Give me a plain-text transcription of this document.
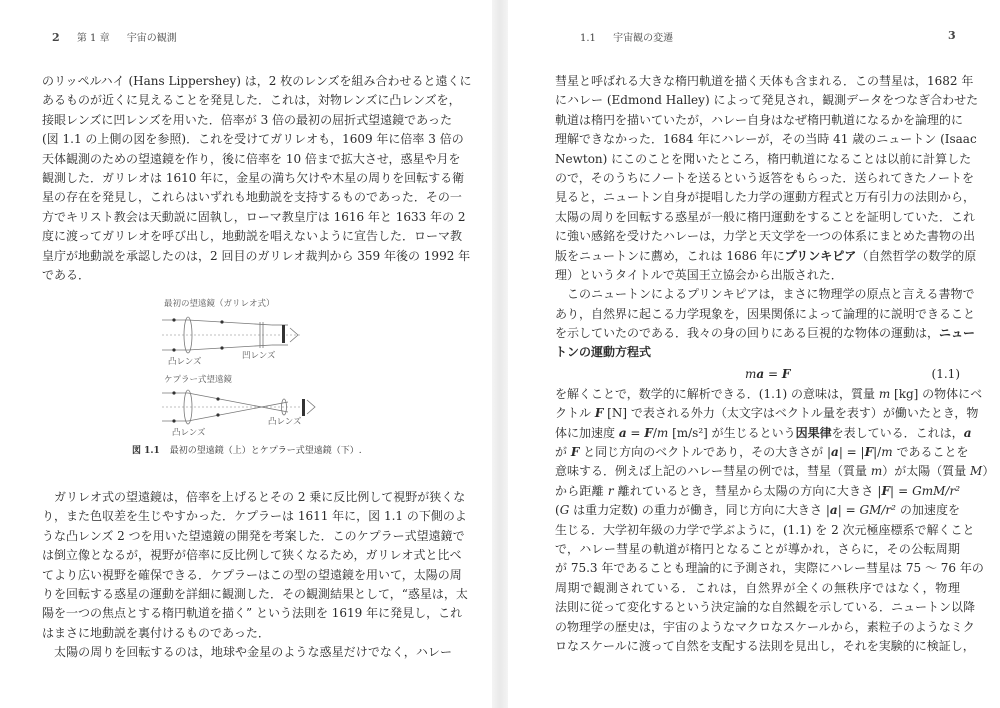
2 第 1 章 宇宙の観測
のリッペルハイ (Hans Lippershey) は，2 枚のレンズを組み合わせると遠くに
あるものが近くに見えることを発見した．これは，対物レンズに凸レンズを，
接眼レンズに凹レンズを用いた．倍率が 3 倍の最初の屈折式望遠鏡であった
(図 1.1 の上側の図を参照)．これを受けてガリレオも，1609 年に倍率 3 倍の
天体観測のための望遠鏡を作り，後に倍率を 10 倍まで拡大させ，惑星や月を
観測した．ガリレオは 1610 年に，金星の満ち欠けや木星の周りを回転する衛
星の存在を発見し，これらはいずれも地動説を支持するものであった．その一
方でキリスト教会は天動説に固執し，ローマ教皇庁は 1616 年と 1633 年の 2
度に渡ってガリレオを呼び出し，地動説を唱えないように宣告した．ローマ教
皇庁が地動説を承認したのは，2 回目のガリレオ裁判から 359 年後の 1992 年
である．
最初の望遠鏡（ガリレオ式）
凸レンズ
凹レンズ
ケプラー式望遠鏡
凸レンズ
凸レンズ
図 1.1 最初の望遠鏡（上）とケプラー式望遠鏡（下）.
ガリレオ式の望遠鏡は，倍率を上げるとその 2 乗に反比例して視野が狭くな
り，また色収差を生じやすかった．ケプラーは 1611 年に，図 1.1 の下側のよ
うな凸レンズ 2 つを用いた望遠鏡の開発を考案した．このケプラー式望遠鏡で
は倒立像となるが，視野が倍率に反比例して狭くなるため，ガリレオ式と比べ
てより広い視野を確保できる．ケプラーはこの型の望遠鏡を用いて，太陽の周
りを回転する惑星の運動を詳細に観測した．その観測結果として，“惑星は，太
陽を一つの焦点とする楕円軌道を描く” という法則を 1619 年に発見し，これ
はまさに地動説を裏付けるものであった．
太陽の周りを回転するのは，地球や金星のような惑星だけでなく，ハレー
1.1 宇宙観の変遷	3
彗星と呼ばれる大きな楕円軌道を描く天体も含まれる．この彗星は，1682 年
にハレー (Edmond Halley) によって発見され，観測データをつなぎ合わせた
軌道は楕円を描いていたが，ハレー自身はなぜ楕円軌道になるかを論理的に
理解できなかった．1684 年にハレーが，その当時 41 歳のニュートン (Isaac
Newton) にこのことを聞いたところ，楕円軌道になることは以前に計算した
ので，そのうちにノートを送るという返答をもらった．送られてきたノートを
見ると，ニュートン自身が提唱した力学の運動方程式と万有引力の法則から，
太陽の周りを回転する惑星が一般に楕円運動をすることを証明していた．これ
に強い感銘を受けたハレーは，力学と天文学を一つの体系にまとめた書物の出
版をニュートンに薦め，これは 1686 年にプリンキピア（自然哲学の数学的原
理）というタイトルで英国王立協会から出版された．
このニュートンによるプリンキピアは，まさに物理学の原点と言える書物で
あり，自然界に起こる力学現象を，因果関係によって論理的に説明できること
を示していたのである．我々の身の回りにある巨視的な物体の運動は，ニュー
トンの運動方程式
ma = F	(1.1)
を解くことで，数学的に解析できる．(1.1) の意味は，質量 m [kg] の物体にベ
クトル F [N] で表される外力（太文字はベクトル量を表す）が働いたとき，物
体に加速度 a = F/m [m/s²] が生じるという因果律を表している．これは，a
が F と同じ方向のベクトルであり，その大きさが |a| = |F|/m であることを
意味する．例えば上記のハレー彗星の例では，彗星（質量 m）が太陽（質量 M）
から距離 r 離れているとき，彗星から太陽の方向に大きさ |F| = GmM/r²
(G は重力定数) の重力が働き，同じ方向に大きさ |a| = GM/r² の加速度を
生じる．大学初年級の力学で学ぶように，(1.1) を 2 次元極座標系で解くこと
で，ハレー彗星の軌道が楕円となることが導かれ，さらに，その公転周期
が 75.3 年であることも理論的に予測され，実際にハレー彗星は 75 〜 76 年の
周期で観測されている．これは，自然界が全くの無秩序ではなく，物理
法則に従って変化するという決定論的な自然観を示している．ニュートン以降
の物理学の歴史は，宇宙のようなマクロなスケールから，素粒子のようなミク
ロなスケールに渡って自然を支配する法則を見出し，それを実験的に検証し，
